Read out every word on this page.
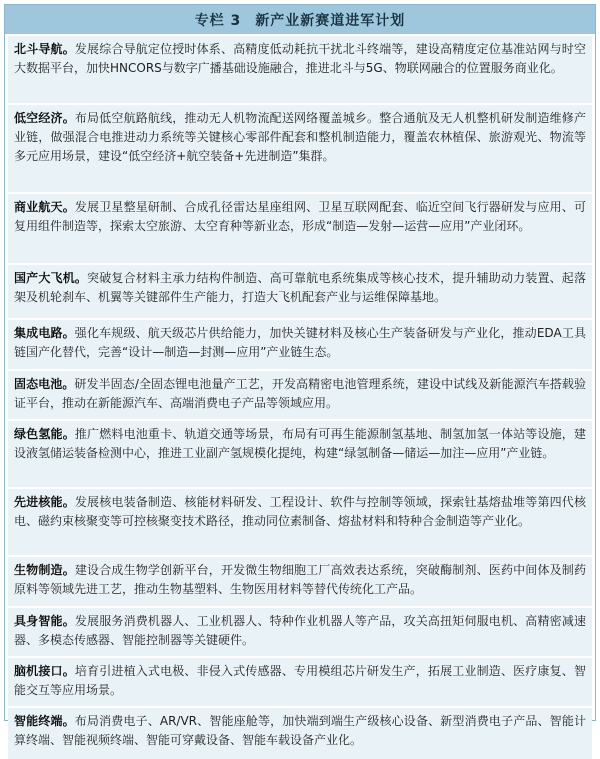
专栏 3 新产业新赛道进军计划
北斗导航。发展综合导航定位授时体系、高精度低动耗抗干扰北斗终端等，建设高精度定位基准站网与时空大数据平台，加快HNCORS与数字广播基础设施融合，推进北斗与5G、物联网融合的位置服务商业化。
低空经济。布局低空航路航线，推动无人机物流配送网络覆盖城乡。整合通航及无人机整机研发制造维修产业链，做强混合电推进动力系统等关键核心零部件配套和整机制造能力，覆盖农林植保、旅游观光、物流等多元应用场景，建设“低空经济+航空装备+先进制造”集群。
商业航天。发展卫星整星研制、合成孔径雷达星座组网、卫星互联网配套、临近空间飞行器研发与应用、可复用组件制造等，探索太空旅游、太空育种等新业态，形成“制造—发射—运营—应用”产业闭环。
国产大飞机。突破复合材料主承力结构件制造、高可靠航电系统集成等核心技术，提升辅助动力装置、起落架及机轮刹车、机翼等关键部件生产能力，打造大飞机配套产业与运维保障基地。
集成电路。强化车规级、航天级芯片供给能力，加快关键材料及核心生产装备研发与产业化，推动EDA工具链国产化替代，完善“设计—制造—封测—应用”产业链生态。
固态电池。研发半固态/全固态锂电池量产工艺，开发高精密电池管理系统，建设中试线及新能源汽车搭载验证平台，推动在新能源汽车、高端消费电子产品等领域应用。
绿色氢能。推广燃料电池重卡、轨道交通等场景，布局有可再生能源制氢基地、制氢加氢一体站等设施，建设液氢储运装备检测中心，推进工业副产氢规模化提纯，构建“绿氢制备—储运—加注—应用”产业链。
先进核能。发展核电装备制造、核能材料研发、工程设计、软件与控制等领域，探索钍基熔盐堆等第四代核电、磁约束核聚变等可控核聚变技术路径，推动同位素制备、熔盐材料和特种合金制造等产业化。
生物制造。建设合成生物学创新平台，开发微生物细胞工厂高效表达系统，突破酶制剂、医药中间体及制药原料等领域先进工艺，推动生物基塑料、生物医用材料等替代传统化工产品。
具身智能。发展服务消费机器人、工业机器人、特种作业机器人等产品，攻关高扭矩伺服电机、高精密减速器、多模态传感器、智能控制器等关键硬件。
脑机接口。培育引进植入式电极、非侵入式传感器、专用模组芯片研发生产，拓展工业制造、医疗康复、智能交互等应用场景。
智能终端。布局消费电子、AR/VR、智能座舱等，加快端到端生产级核心设备、新型消费电子产品、智能计算终端、智能视频终端、智能可穿戴设备、智能车载设备产业化。
